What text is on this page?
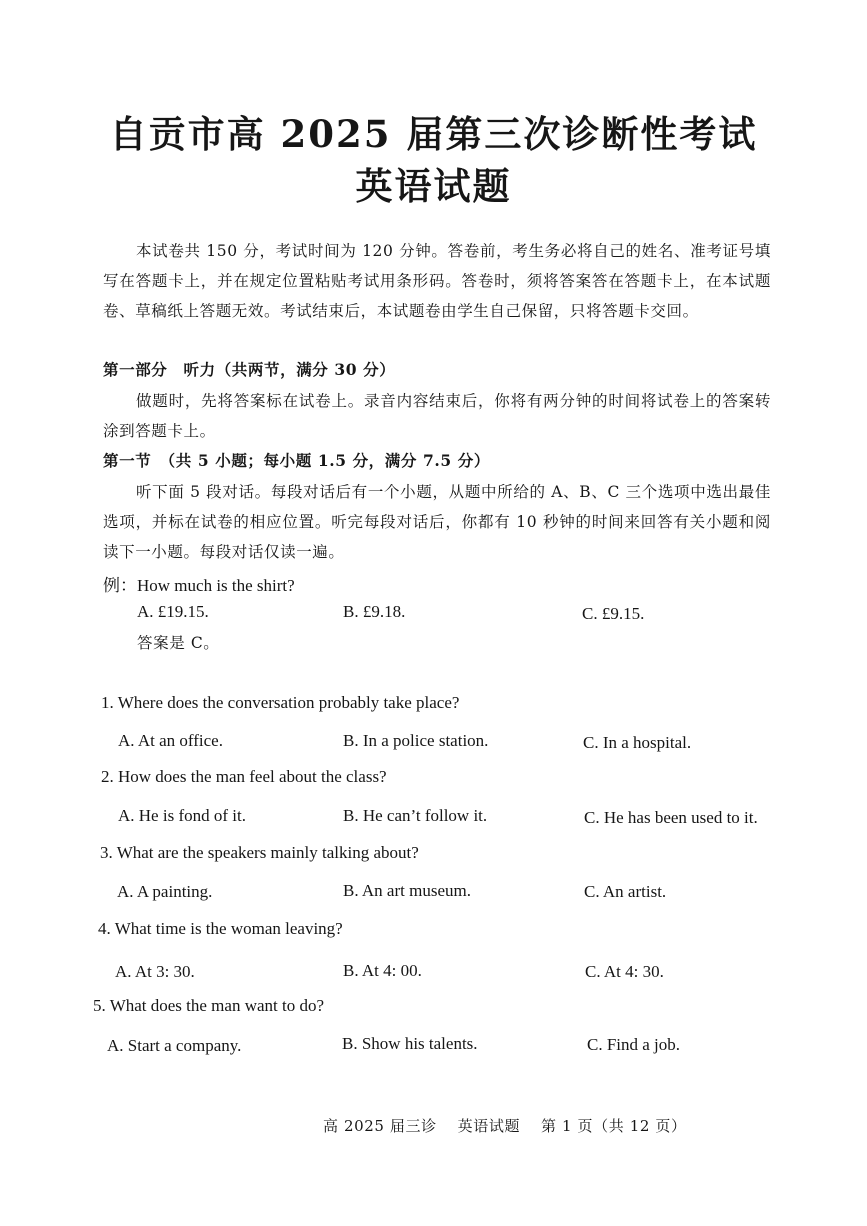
自贡市高 2025 届第三次诊断性考试
英语试题
本试卷共 150 分，考试时间为 120 分钟。答卷前，考生务必将自己的姓名、准考证号填写在答题卡上，并在规定位置粘贴考试用条形码。答卷时，须将答案答在答题卡上，在本试题卷、草稿纸上答题无效。考试结束后，本试题卷由学生自己保留，只将答题卡交回。
第一部分　听力（共两节，满分 30 分）
做题时，先将答案标在试卷上。录音内容结束后，你将有两分钟的时间将试卷上的答案转涂到答题卡上。
第一节　（共 5 小题；每小题 1.5 分，满分 7.5 分）
听下面 5 段对话。每段对话后有一个小题，从题中所给的 A、B、C 三个选项中选出最佳选项，并标在试卷的相应位置。听完每段对话后，你都有 10 秒钟的时间来回答有关小题和阅读下一小题。每段对话仅读一遍。
例：How much is the shirt?
A. £19.15.	B. £9.18.	C. £9.15.
答案是 C。
1. Where does the conversation probably take place?
A. At an office.	B. In a police station.	C. In a hospital.
2. How does the man feel about the class?
A. He is fond of it.	B. He can’t follow it.	C. He has been used to it.
3. What are the speakers mainly talking about?
A. A painting.	B. An art museum.	C. An artist.
4. What time is the woman leaving?
A. At 3: 30.	B. At 4: 00.	C. At 4: 30.
5. What does the man want to do?
A. Start a company.	B. Show his talents.	C. Find a job.
高 2025 届三诊　 英语试题　 第 1 页（共 12 页）
